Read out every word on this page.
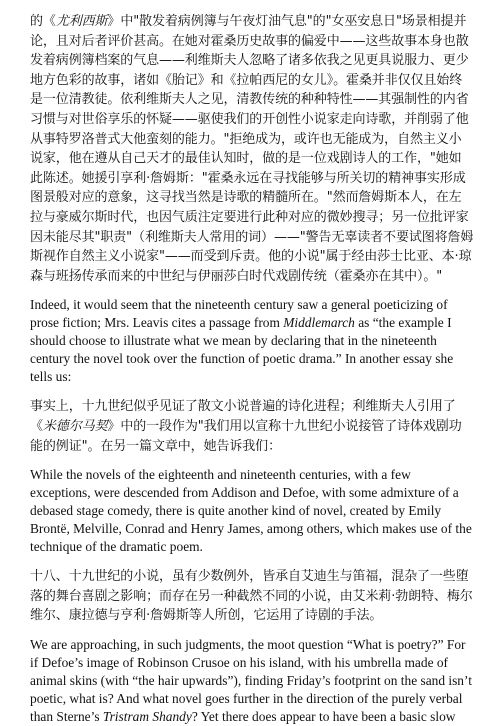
的《尤利西斯》中"散发着病例簿与午夜灯油气息"的"女巫安息日"场景相提并论，且对后者评价甚高。在她对霍桑历史故事的偏爱中——这些故事本身也散发着病例簿档案的气息——利维斯夫人忽略了诸多依我之见更具说服力、更少地方色彩的故事，诸如《胎记》和《拉帕西尼的女儿》。霍桑并非仅仅且始终是一位清教徒。依利维斯夫人之见，清教传统的种种特性——其强制性的内省习惯与对世俗享乐的怀疑——驱使我们的开创性小说家走向诗歌，并削弱了他从事特罗洛普式大他蛮刻的能力。"拒绝成为，或许也无能成为，自然主义小说家，他在遵从自己天才的最佳认知时，做的是一位戏剧诗人的工作，"她如此陈述。她援引享利·詹姆斯："霍桑永远在寻找能够与所关切的精神事实形成图景般对应的意象，这寻找当然是诗歌的精髓所在。"然而詹姆斯本人，在左拉与豪威尔斯时代，也因气质注定要进行此种对应的微妙搜寻；另一位批评家因未能尽其"职责"（利维斯夫人常用的词）——"警告无辜读者不要试图将詹姆斯视作自然主义小说家"——而受到斥责。他的小说"属于经由莎士比亚、本·琼森与班扬传承而来的中世纪与伊丽莎白时代戏剧传统（霍桑亦在其中）。"

Indeed, it would seem that the nineteenth century saw a general poeticizing of prose fiction; Mrs. Leavis cites a passage from Middlemarch as “the example I should choose to illustrate what we mean by declaring that in the nineteenth century the novel took over the function of poetic drama.” In another essay she tells us:

事实上，十九世纪似乎见证了散文小说普遍的诗化进程；利维斯夫人引用了《米德尔马契》中的一段作为"我们用以宣称十九世纪小说接管了诗体戏剧功能的例证"。在另一篇文章中，她告诉我们：

While the novels of the eighteenth and nineteenth centuries, with a few exceptions, were descended from Addison and Defoe, with some admixture of a debased stage comedy, there is quite another kind of novel, created by Emily Brontë, Melville, Conrad and Henry James, among others, which makes use of the technique of the dramatic poem.

十八、十九世纪的小说，虽有少数例外，皆承自艾迪生与笛福，混杂了一些堕落的舞台喜剧之影响；而存在另一种截然不同的小说，由艾米莉·勃朗特、梅尔维尔、康拉德与亨利·詹姆斯等人所创，它运用了诗剧的手法。

We are approaching, in such judgments, the moot question “What is poetry?” For if Defoe’s image of Robinson Crusoe on his island, with his umbrella made of animal skins (with “the hair upwards”), finding Friday’s footprint on the sand isn’t poetic, what is? And what novel goes further in the direction of the purely verbal than Sterne’s Tristram Shandy? Yet there does appear to have been a basic slow
